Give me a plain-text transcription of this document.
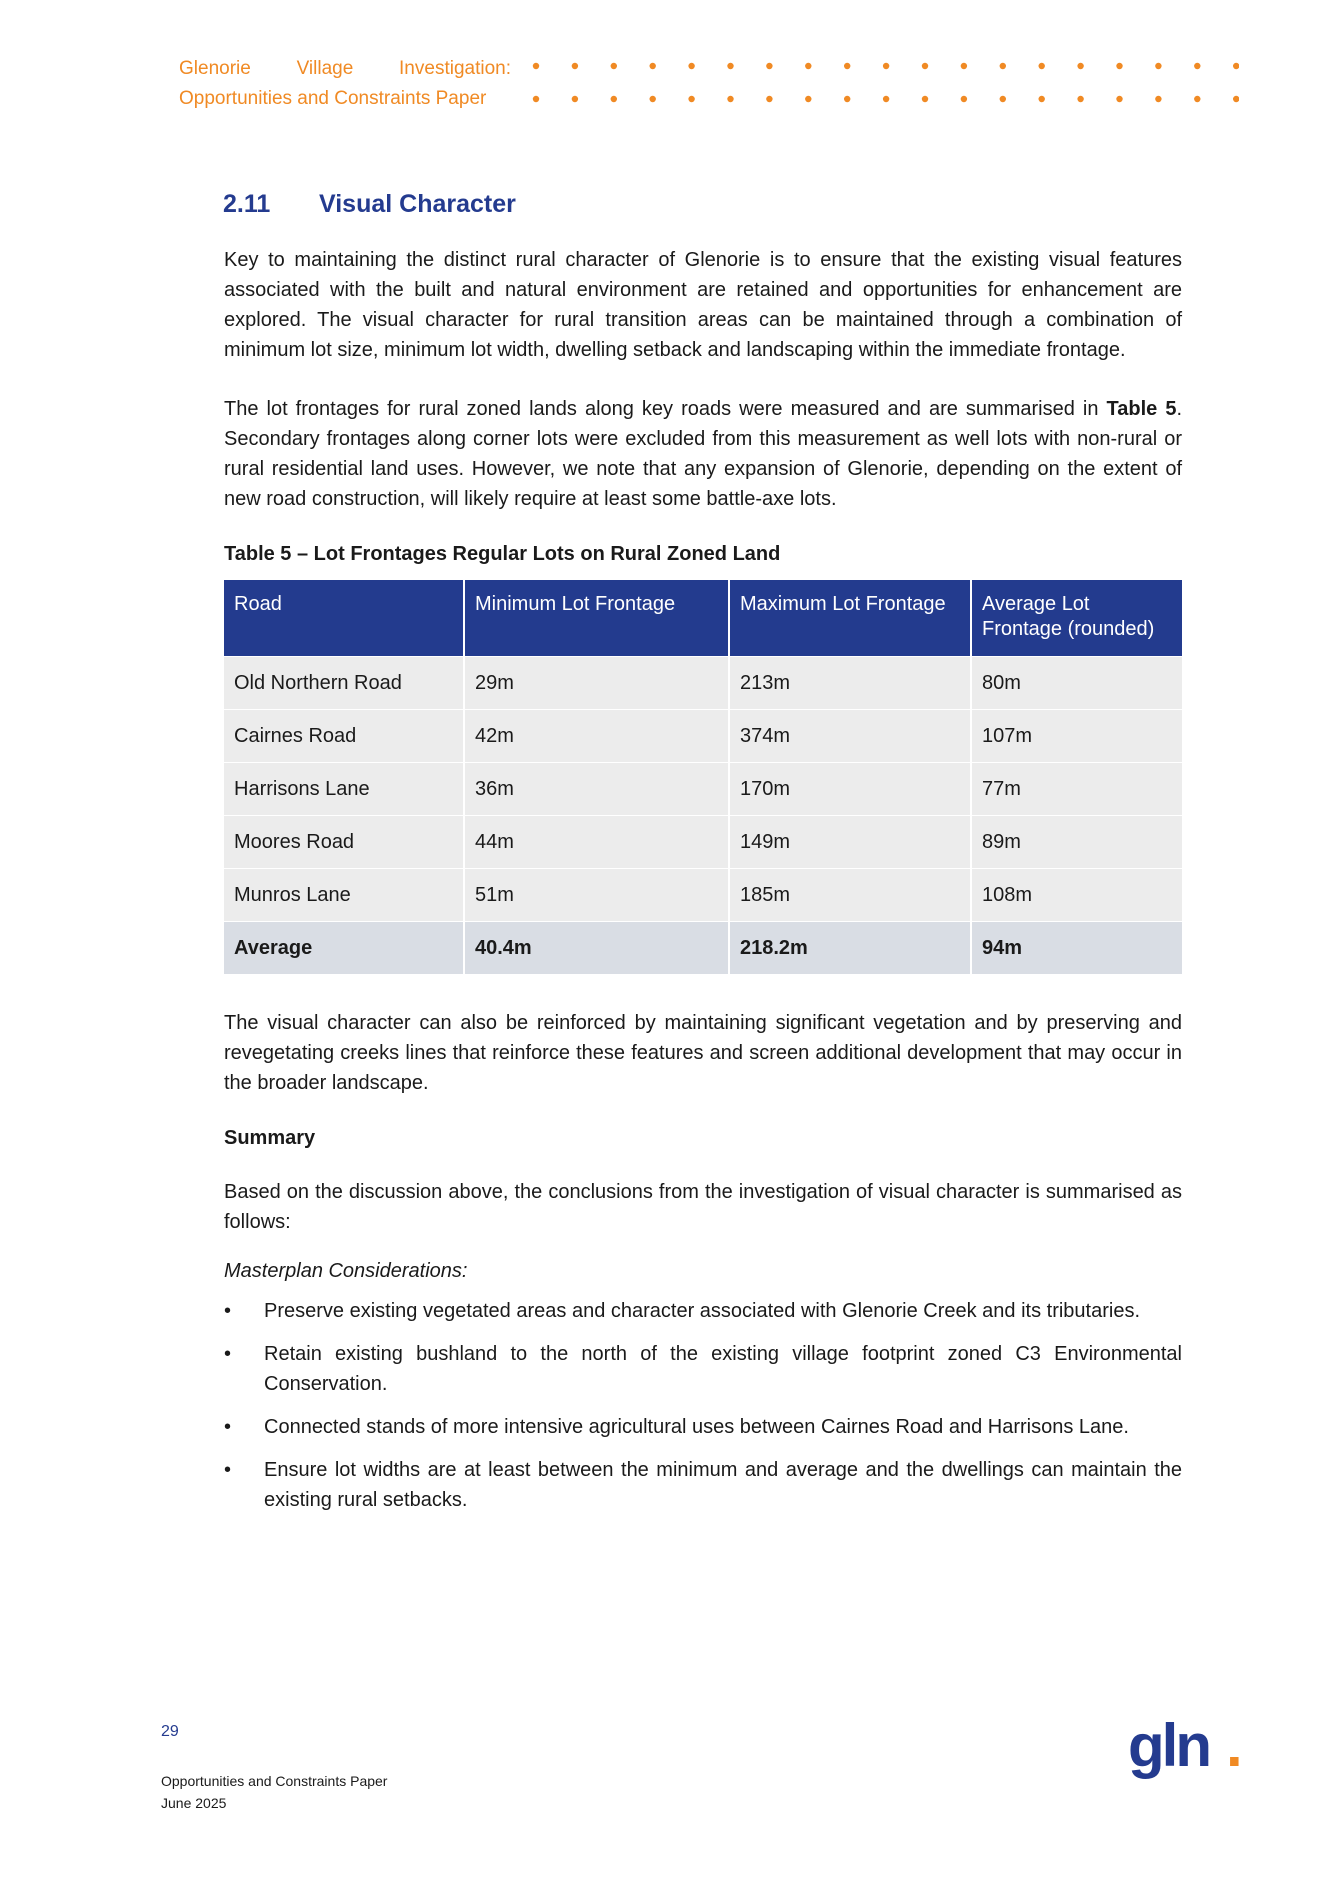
Glenorie Village Investigation:
Opportunities and Constraints Paper
2.11	Visual Character

Key to maintaining the distinct rural character of Glenorie is to ensure that the existing visual features associated with the built and natural environment are retained and opportunities for enhancement are explored. The visual character for rural transition areas can be maintained through a combination of minimum lot size, minimum lot width, dwelling setback and landscaping within the immediate frontage.

The lot frontages for rural zoned lands along key roads were measured and are summarised in Table 5. Secondary frontages along corner lots were excluded from this measurement as well lots with non-rural or rural residential land uses. However, we note that any expansion of Glenorie, depending on the extent of new road construction, will likely require at least some battle-axe lots.

Table 5 – Lot Frontages Regular Lots on Rural Zoned Land
Road	Minimum Lot Frontage	Maximum Lot Frontage	Average Lot Frontage (rounded)
Old Northern Road	29m	213m	80m
Cairnes Road	42m	374m	107m
Harrisons Lane	36m	170m	77m
Moores Road	44m	149m	89m
Munros Lane	51m	185m	108m
Average	40.4m	218.2m	94m

The visual character can also be reinforced by maintaining significant vegetation and by preserving and revegetating creeks lines that reinforce these features and screen additional development that may occur in the broader landscape.

Summary

Based on the discussion above, the conclusions from the investigation of visual character is summarised as follows:

Masterplan Considerations:
• Preserve existing vegetated areas and character associated with Glenorie Creek and its tributaries.
• Retain existing bushland to the north of the existing village footprint zoned C3 Environmental Conservation.
• Connected stands of more intensive agricultural uses between Cairnes Road and Harrisons Lane.
• Ensure lot widths are at least between the minimum and average and the dwellings can maintain the existing rural setbacks.
29
Opportunities and Constraints Paper
June 2025
gln .
